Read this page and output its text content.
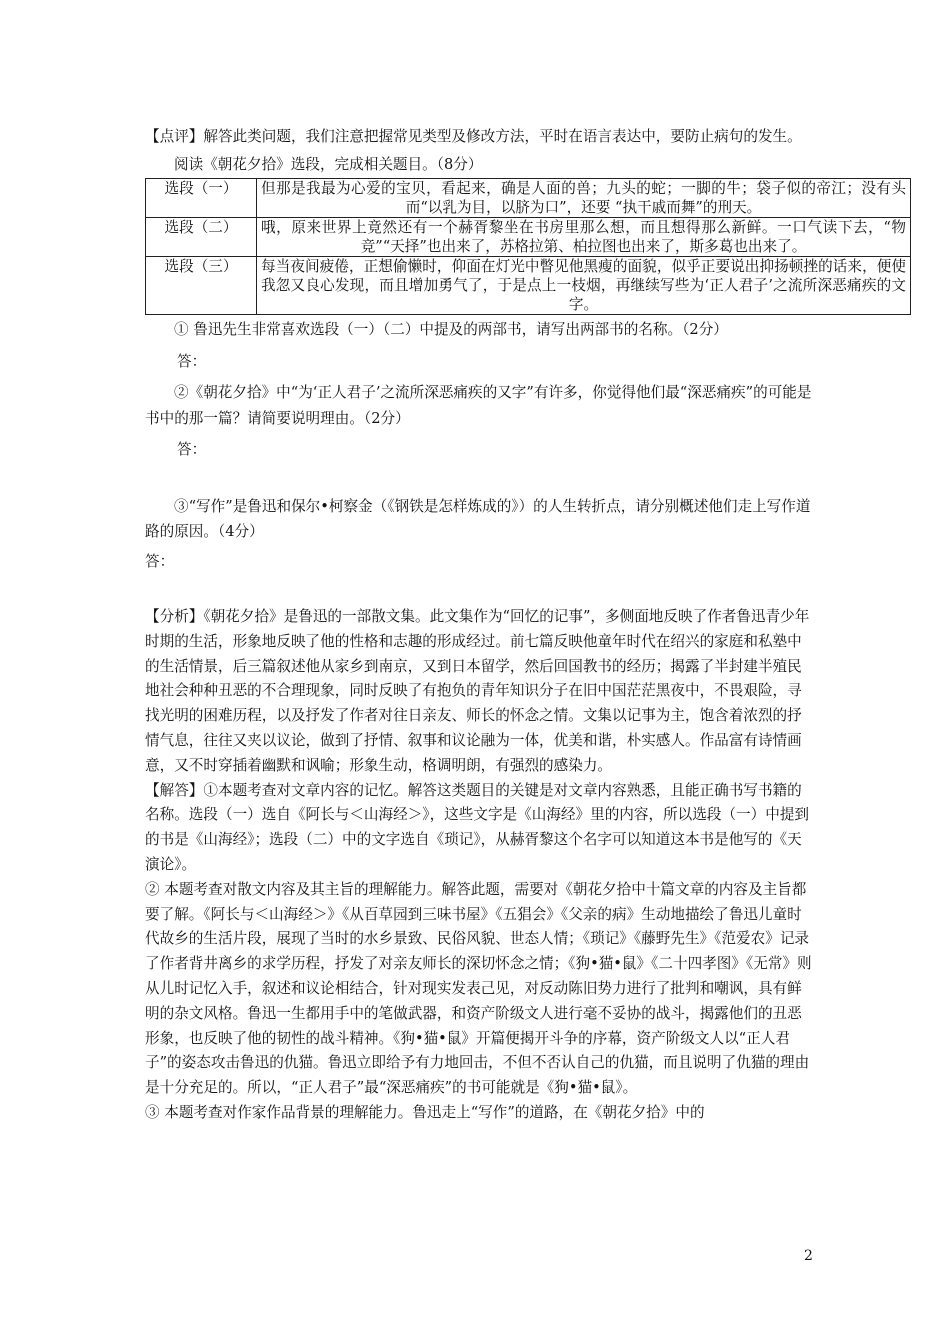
【点评】解答此类问题，我们注意把握常见类型及修改方法，平时在语言表达中，要防止病句的发生。

阅读《朝花夕拾》选段，完成相关题目。（8分）

选段（一）	但那是我最为心爱的宝贝，看起来，确是人面的兽；九头的蛇；一脚的牛；袋子似的帝江；没有头而“以乳为目，以脐为口”，还要 “执干戚而舞”的刑天。
选段（二）	哦，原来世界上竟然还有一个赫胥黎坐在书房里那么想，而且想得那么新鲜。一口气读下去，“物竞”“天择”也出来了，苏格拉第、柏拉图也出来了，斯多葛也出来了。
选段（三）	每当夜间疲倦，正想偷懒时，仰面在灯光中瞥见他黑瘦的面貌，似乎正要说出抑扬顿挫的话来，便使我忽又良心发现，而且增加勇气了，于是点上一枝烟，再继续写些为‘正人君子’之流所深恶痛疾的文字。

① 鲁迅先生非常喜欢选段（一）（二）中提及的两部书，请写出两部书的名称。（2分）

答：

②《朝花夕拾》中“为‘正人君子’之流所深恶痛疾的又字”有许多，你觉得他们最“深恶痛疾”的可能是书中的那一篇？请简要说明理由。（2分）

答：

③“写作”是鲁迅和保尔•柯察金（《钢铁是怎样炼成的》）的人生转折点，请分别概述他们走上写作道路的原因。（4分）

答：

【分析】《朝花夕拾》是鲁迅的一部散文集。此文集作为“回忆的记事”，多侧面地反映了作者鲁迅青少年时期的生活，形象地反映了他的性格和志趣的形成经过。前七篇反映他童年时代在绍兴的家庭和私塾中的生活情景，后三篇叙述他从家乡到南京，又到日本留学，然后回国教书的经历；揭露了半封建半殖民地社会种种丑恶的不合理现象，同时反映了有抱负的青年知识分子在旧中国茫茫黑夜中，不畏艰险，寻找光明的困难历程，以及抒发了作者对往日亲友、师长的怀念之情。文集以记事为主，饱含着浓烈的抒情气息，往往又夹以议论，做到了抒情、叙事和议论融为一体，优美和谐，朴实感人。作品富有诗情画意，又不时穿插着幽默和讽喻；形象生动，格调明朗，有强烈的感染力。

【解答】①本题考查对文章内容的记忆。解答这类题目的关键是对文章内容熟悉，且能正确书写书籍的名称。选段（一）选自《阿长与＜山海经＞》，这些文字是《山海经》里的内容，所以选段（一）中提到的书是《山海经》；选段（二）中的文字选自《琐记》，从赫胥黎这个名字可以知道这本书是他写的《天演论》。

② 本题考查对散文内容及其主旨的理解能力。解答此题，需要对《朝花夕拾中十篇文章的内容及主旨都要了解。《阿长与＜山海经＞》《从百草园到三味书屋》《五猖会》《父亲的病》生动地描绘了鲁迅儿童时代故乡的生活片段，展现了当时的水乡景致、民俗风貌、世态人情；《琐记》《藤野先生》《范爱农》记录了作者背井离乡的求学历程，抒发了对亲友师长的深切怀念之情；《狗•猫•鼠》《二十四孝图》《无常》则从儿时记忆入手，叙述和议论相结合，针对现实发表己见，对反动陈旧势力进行了批判和嘲讽，具有鲜明的杂文风格。鲁迅一生都用手中的笔做武器，和资产阶级文人进行毫不妥协的战斗，揭露他们的丑恶形象，也反映了他的韧性的战斗精神。《狗•猫•鼠》开篇便揭开斗争的序幕，资产阶级文人以“正人君子”的姿态攻击鲁迅的仇猫。鲁迅立即给予有力地回击，不但不否认自己的仇猫，而且说明了仇猫的理由是十分充足的。所以，“正人君子”最“深恶痛疾”的书可能就是《狗•猫•鼠》。

③ 本题考查对作家作品背景的理解能力。鲁迅走上“写作”的道路，在《朝花夕拾》中的

2
